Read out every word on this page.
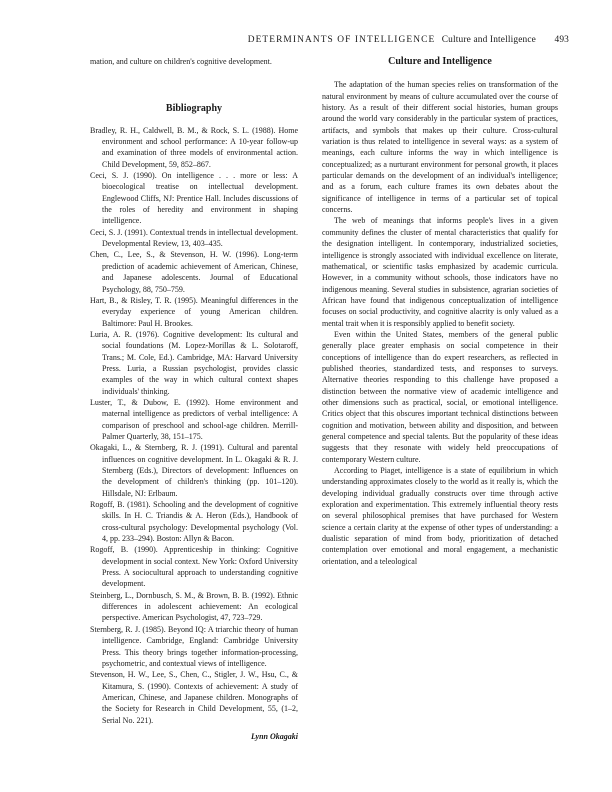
DETERMINANTS OF INTELLIGENCE Culture and Intelligence 493

mation, and culture on children's cognitive development.

Bibliography
Bradley, R. H., Caldwell, B. M., & Rock, S. L. (1988). Home environment and school performance: A 10-year follow-up and examination of three models of environmental action. Child Development, 59, 852–867.
Ceci, S. J. (1990). On intelligence . . . more or less: A bioecological treatise on intellectual development. Englewood Cliffs, NJ: Prentice Hall. Includes discussions of the roles of heredity and environment in shaping intelligence.
Ceci, S. J. (1991). Contextual trends in intellectual development. Developmental Review, 13, 403–435.
Chen, C., Lee, S., & Stevenson, H. W. (1996). Long-term prediction of academic achievement of American, Chinese, and Japanese adolescents. Journal of Educational Psychology, 88, 750–759.
Hart, B., & Risley, T. R. (1995). Meaningful differences in the everyday experience of young American children. Baltimore: Paul H. Brookes.
Luria, A. R. (1976). Cognitive development: Its cultural and social foundations (M. Lopez-Morillas & L. Solotaroff, Trans.; M. Cole, Ed.). Cambridge, MA: Harvard University Press. Luria, a Russian psychologist, provides classic examples of the way in which cultural context shapes individuals' thinking.
Luster, T., & Dubow, E. (1992). Home environment and maternal intelligence as predictors of verbal intelligence: A comparison of preschool and school-age children. Merrill-Palmer Quarterly, 38, 151–175.
Okagaki, L., & Sternberg, R. J. (1991). Cultural and parental influences on cognitive development. In L. Okagaki & R. J. Sternberg (Eds.), Directors of development: Influences on the development of children's thinking (pp. 101–120). Hillsdale, NJ: Erlbaum.
Rogoff, B. (1981). Schooling and the development of cognitive skills. In H. C. Triandis & A. Heron (Eds.), Handbook of cross-cultural psychology: Developmental psychology (Vol. 4, pp. 233–294). Boston: Allyn & Bacon.
Rogoff, B. (1990). Apprenticeship in thinking: Cognitive development in social context. New York: Oxford University Press. A sociocultural approach to understanding cognitive development.
Steinberg, L., Dornbusch, S. M., & Brown, B. B. (1992). Ethnic differences in adolescent achievement: An ecological perspective. American Psychologist, 47, 723–729.
Sternberg, R. J. (1985). Beyond IQ: A triarchic theory of human intelligence. Cambridge, England: Cambridge University Press. This theory brings together information-processing, psychometric, and contextual views of intelligence.
Stevenson, H. W., Lee, S., Chen, C., Stigler, J. W., Hsu, C., & Kitamura, S. (1990). Contexts of achievement: A study of American, Chinese, and Japanese children. Monographs of the Society for Research in Child Development, 55, (1–2, Serial No. 221).
Lynn Okagaki
Culture and Intelligence

The adaptation of the human species relies on transformation of the natural environment by means of culture accumulated over the course of history. As a result of their different social histories, human groups around the world vary considerably in the particular system of practices, artifacts, and symbols that makes up their culture. Cross-cultural variation is thus related to intelligence in several ways: as a system of meanings, each culture informs the way in which intelligence is conceptualized; as a nurturant environment for personal growth, it places particular demands on the development of an individual's intelligence; and as a forum, each culture frames its own debates about the significance of intelligence in terms of a particular set of topical concerns.

The web of meanings that informs people's lives in a given community defines the cluster of mental characteristics that qualify for the designation intelligent. In contemporary, industrialized societies, intelligence is strongly associated with individual excellence on literate, mathematical, or scientific tasks emphasized by academic curricula. However, in a community without schools, those indicators have no indigenous meaning. Several studies in subsistence, agrarian societies of African have found that indigenous conceptualization of intelligence focuses on social productivity, and cognitive alacrity is only valued as a mental trait when it is responsibly applied to benefit society.

Even within the United States, members of the general public generally place greater emphasis on social competence in their conceptions of intelligence than do expert researchers, as reflected in published theories, standardized tests, and responses to surveys. Alternative theories responding to this challenge have proposed a distinction between the normative view of academic intelligence and other dimensions such as practical, social, or emotional intelligence. Critics object that this obscures important technical distinctions between cognition and motivation, between ability and disposition, and between general competence and special talents. But the popularity of these ideas suggests that they resonate with widely held preoccupations of contemporary Western culture.

According to Piaget, intelligence is a state of equilibrium in which understanding approximates closely to the world as it really is, which the developing individual gradually constructs over time through active exploration and experimentation. This extremely influential theory rests on several philosophical premises that have purchased for Western science a certain clarity at the expense of other types of understanding: a dualistic separation of mind from body, prioritization of detached contemplation over emotional and moral engagement, a mechanistic orientation, and a teleological
